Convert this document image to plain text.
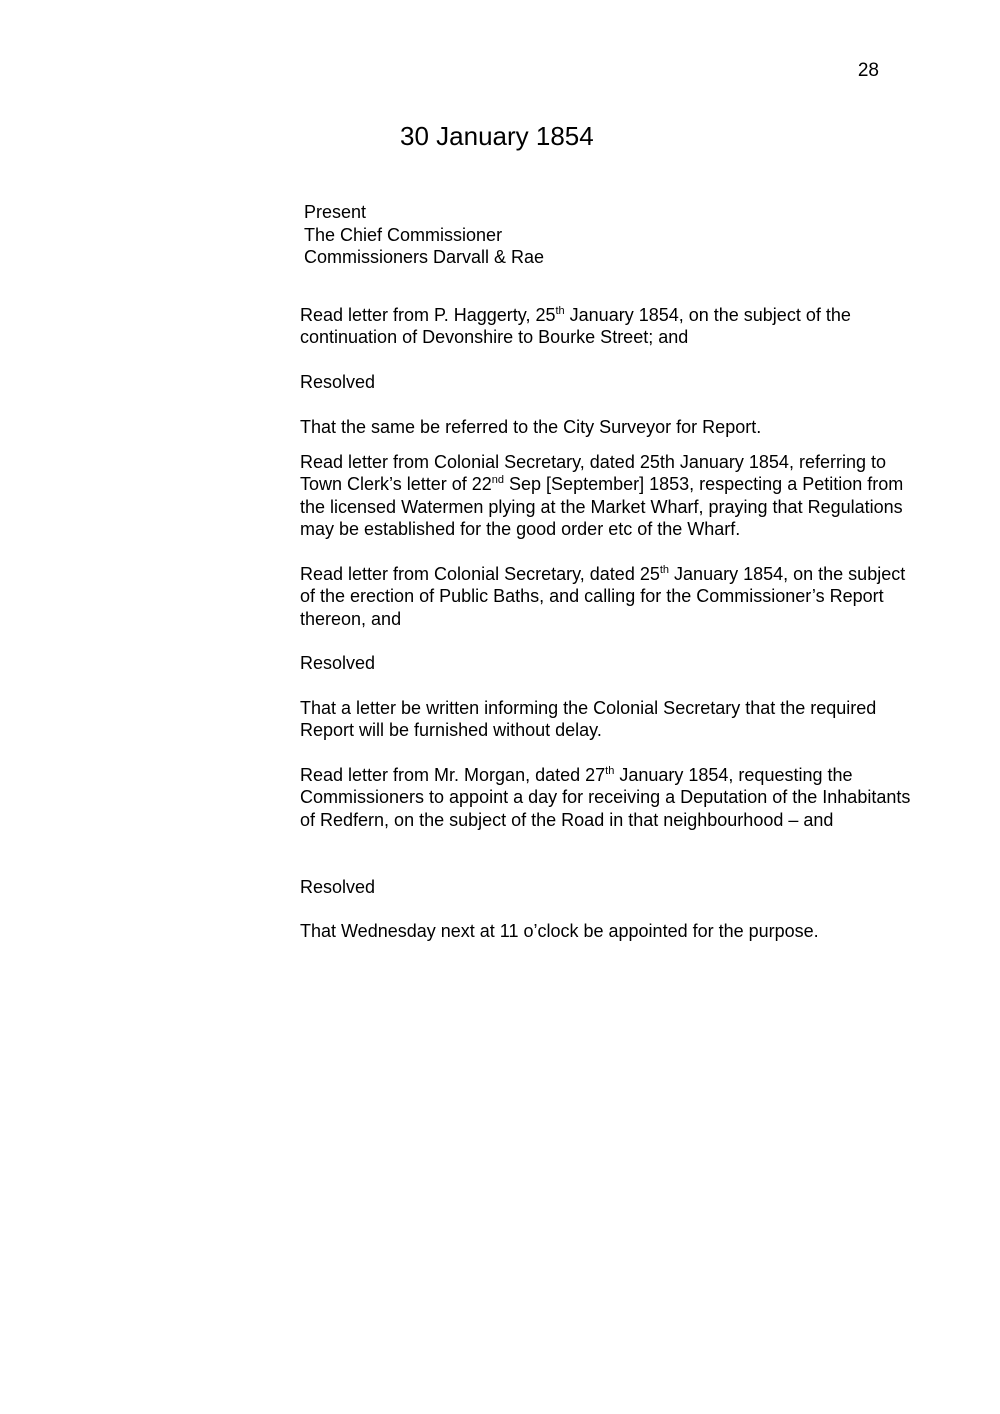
28
30 January 1854
Present
The Chief Commissioner
Commissioners Darvall & Rae

Read letter from P. Haggerty, 25th January 1854, on the subject of the continuation of Devonshire to Bourke Street; and

Resolved

That the same be referred to the City Surveyor for Report.

Read letter from Colonial Secretary, dated 25th January 1854, referring to Town Clerk’s letter of 22nd Sep [September] 1853, respecting a Petition from the licensed Watermen plying at the Market Wharf, praying that Regulations may be established for the good order etc of the Wharf.

Read letter from Colonial Secretary, dated 25th January 1854, on the subject of the erection of Public Baths, and calling for the Commissioner’s Report thereon, and

Resolved

That a letter be written informing the Colonial Secretary that the required Report will be furnished without delay.

Read letter from Mr. Morgan, dated 27th January 1854, requesting the Commissioners to appoint a day for receiving a Deputation of the Inhabitants of Redfern, on the subject of the Road in that neighbourhood – and

Resolved

That Wednesday next at 11 o’clock be appointed for the purpose.
